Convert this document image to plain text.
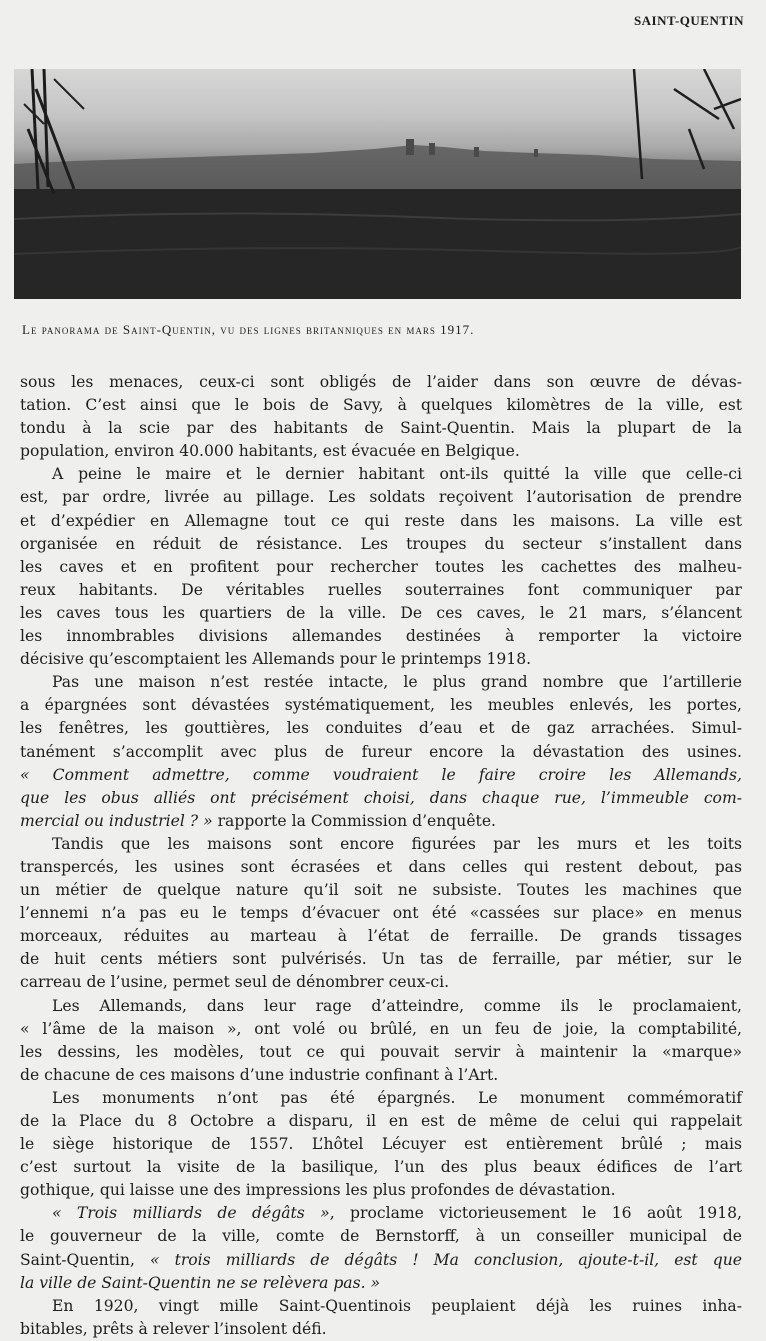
SAINT-QUENTIN
Le panorama de Saint-Quentin, vu des lignes britanniques en mars 1917.

sous les menaces, ceux-ci sont obligés de l’aider dans son œuvre de dévas-

tation. C’est ainsi que le bois de Savy, à quelques kilomètres de la ville, est

tondu à la scie par des habitants de Saint-Quentin. Mais la plupart de la

population, environ 40.000 habitants, est évacuée en Belgique.

A peine le maire et le dernier habitant ont-ils quitté la ville que celle-ci

est, par ordre, livrée au pillage. Les soldats reçoivent l’autorisation de prendre

et d’expédier en Allemagne tout ce qui reste dans les maisons. La ville est

organisée en réduit de résistance. Les troupes du secteur s’installent dans

les caves et en profitent pour rechercher toutes les cachettes des malheu-

reux habitants. De véritables ruelles souterraines font communiquer par

les caves tous les quartiers de la ville. De ces caves, le 21 mars, s’élancent

les innombrables divisions allemandes destinées à remporter la victoire

décisive qu’escomptaient les Allemands pour le printemps 1918.

Pas une maison n’est restée intacte, le plus grand nombre que l’artillerie

a épargnées sont dévastées systématiquement, les meubles enlevés, les portes,

les fenêtres, les gouttières, les conduites d’eau et de gaz arrachées. Simul-

tanément s’accomplit avec plus de fureur encore la dévastation des usines.

« Comment admettre, comme voudraient le faire croire les Allemands,

que les obus alliés ont précisément choisi, dans chaque rue, l’immeuble com-

mercial ou industriel ? » rapporte la Commission d’enquête.

Tandis que les maisons sont encore figurées par les murs et les toits

transpercés, les usines sont écrasées et dans celles qui restent debout, pas

un métier de quelque nature qu’il soit ne subsiste. Toutes les machines que

l’ennemi n’a pas eu le temps d’évacuer ont été «cassées sur place» en menus

morceaux, réduites au marteau à l’état de ferraille. De grands tissages

de huit cents métiers sont pulvérisés. Un tas de ferraille, par métier, sur le

carreau de l’usine, permet seul de dénombrer ceux-ci.

Les Allemands, dans leur rage d’atteindre, comme ils le proclamaient,

« l’âme de la maison », ont volé ou brûlé, en un feu de joie, la comptabilité,

les dessins, les modèles, tout ce qui pouvait servir à maintenir la «marque»

de chacune de ces maisons d’une industrie confinant à l’Art.

Les monuments n’ont pas été épargnés. Le monument commémoratif

de la Place du 8 Octobre a disparu, il en est de même de celui qui rappelait

le siège historique de 1557. L’hôtel Lécuyer est entièrement brûlé ; mais

c’est surtout la visite de la basilique, l’un des plus beaux édifices de l’art

gothique, qui laisse une des impressions les plus profondes de dévastation.

« Trois milliards de dégâts », proclame victorieusement le 16 août 1918,

le gouverneur de la ville, comte de Bernstorff, à un conseiller municipal de

Saint-Quentin, « trois milliards de dégâts ! Ma conclusion, ajoute-t-il, est que

la ville de Saint-Quentin ne se relèvera pas. »

En 1920, vingt mille Saint-Quentinois peuplaient déjà les ruines inha-

bitables, prêts à relever l’insolent défi.
